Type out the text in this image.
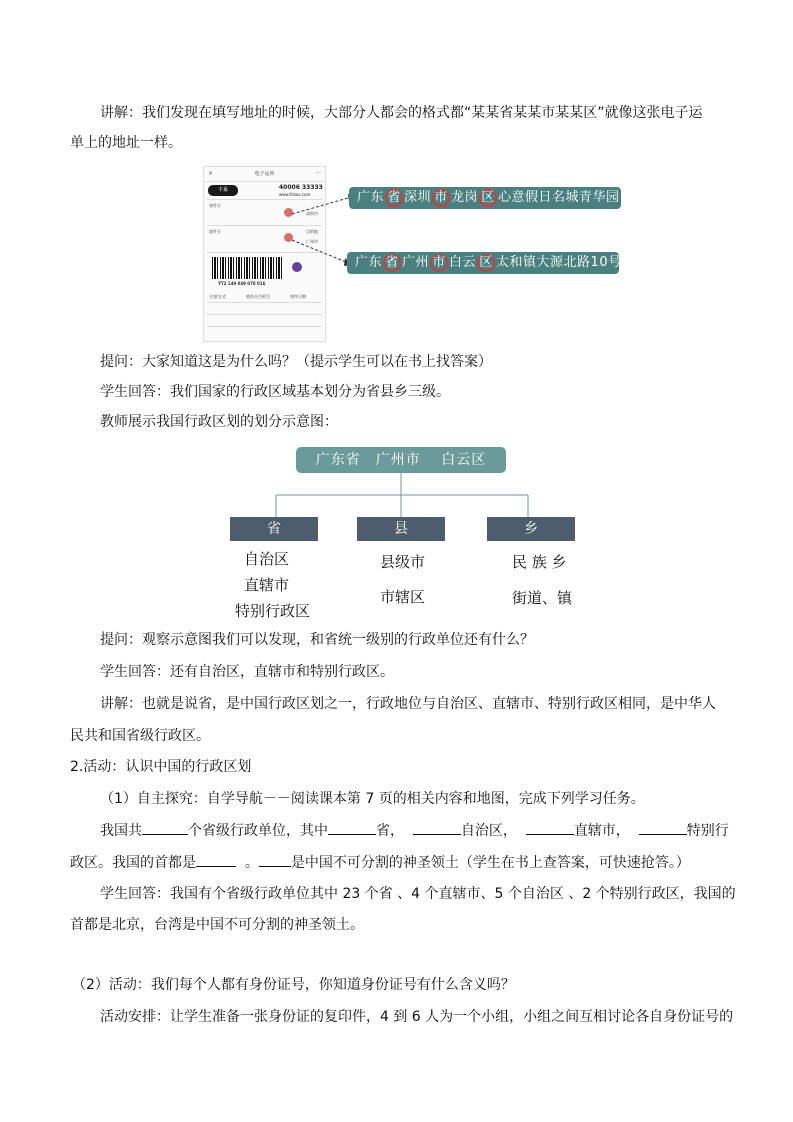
讲解：我们发现在填写地址的时候，大部分人都会的格式都“某某省某某市某某区”就像这张电子运
单上的地址一样。
电子运单
×	···
丰巢	40006 33333
www.fcbox.com
寄件方
深圳市
收件方	目的地
广州市
YT2 149 049 078 016
付款方式	收件员手机号	寄件日期
广东 省 深圳 市 龙岗 区 心意假日名城青华园
广东 省 广州 市 白云 区 太和镇大源北路10号
提问：大家知道这是为什么吗？（提示学生可以在书上找答案）
学生回答：我们国家的行政区域基本划分为省县乡三级。
教师展示我国行政区划的划分示意图：
广东省　广州市　 白云区
省	县	乡
自治区
直辖市
特别行政区
县级市
市辖区
民 族 乡
街道、镇
提问：观察示意图我们可以发现，和省统一级别的行政单位还有什么？
学生回答：还有自治区，直辖市和特别行政区。
讲解：也就是说省，是中国行政区划之一，行政地位与自治区、直辖市、特别行政区相同，是中华人
民共和国省级行政区。
2.活动：认识中国的行政区划
（1）自主探究：自学导航－－阅读课本第 7 页的相关内容和地图，完成下列学习任务。
我国共	个省级行政单位，其中	省，	自治区，	直辖市，	特别行
政区。我国的首都是	。 是中国不可分割的神圣领土（学生在书上查答案，可快速抢答。）
学生回答：我国有个省级行政单位其中 23 个省 、4 个直辖市、5 个自治区 、2 个特别行政区，我国的
首都是北京，台湾是中国不可分割的神圣领土。
（2）活动：我们每个人都有身份证号，你知道身份证号有什么含义吗？
活动安排：让学生准备一张身份证的复印件，4 到 6 人为一个小组，小组之间互相讨论各自身份证号的
